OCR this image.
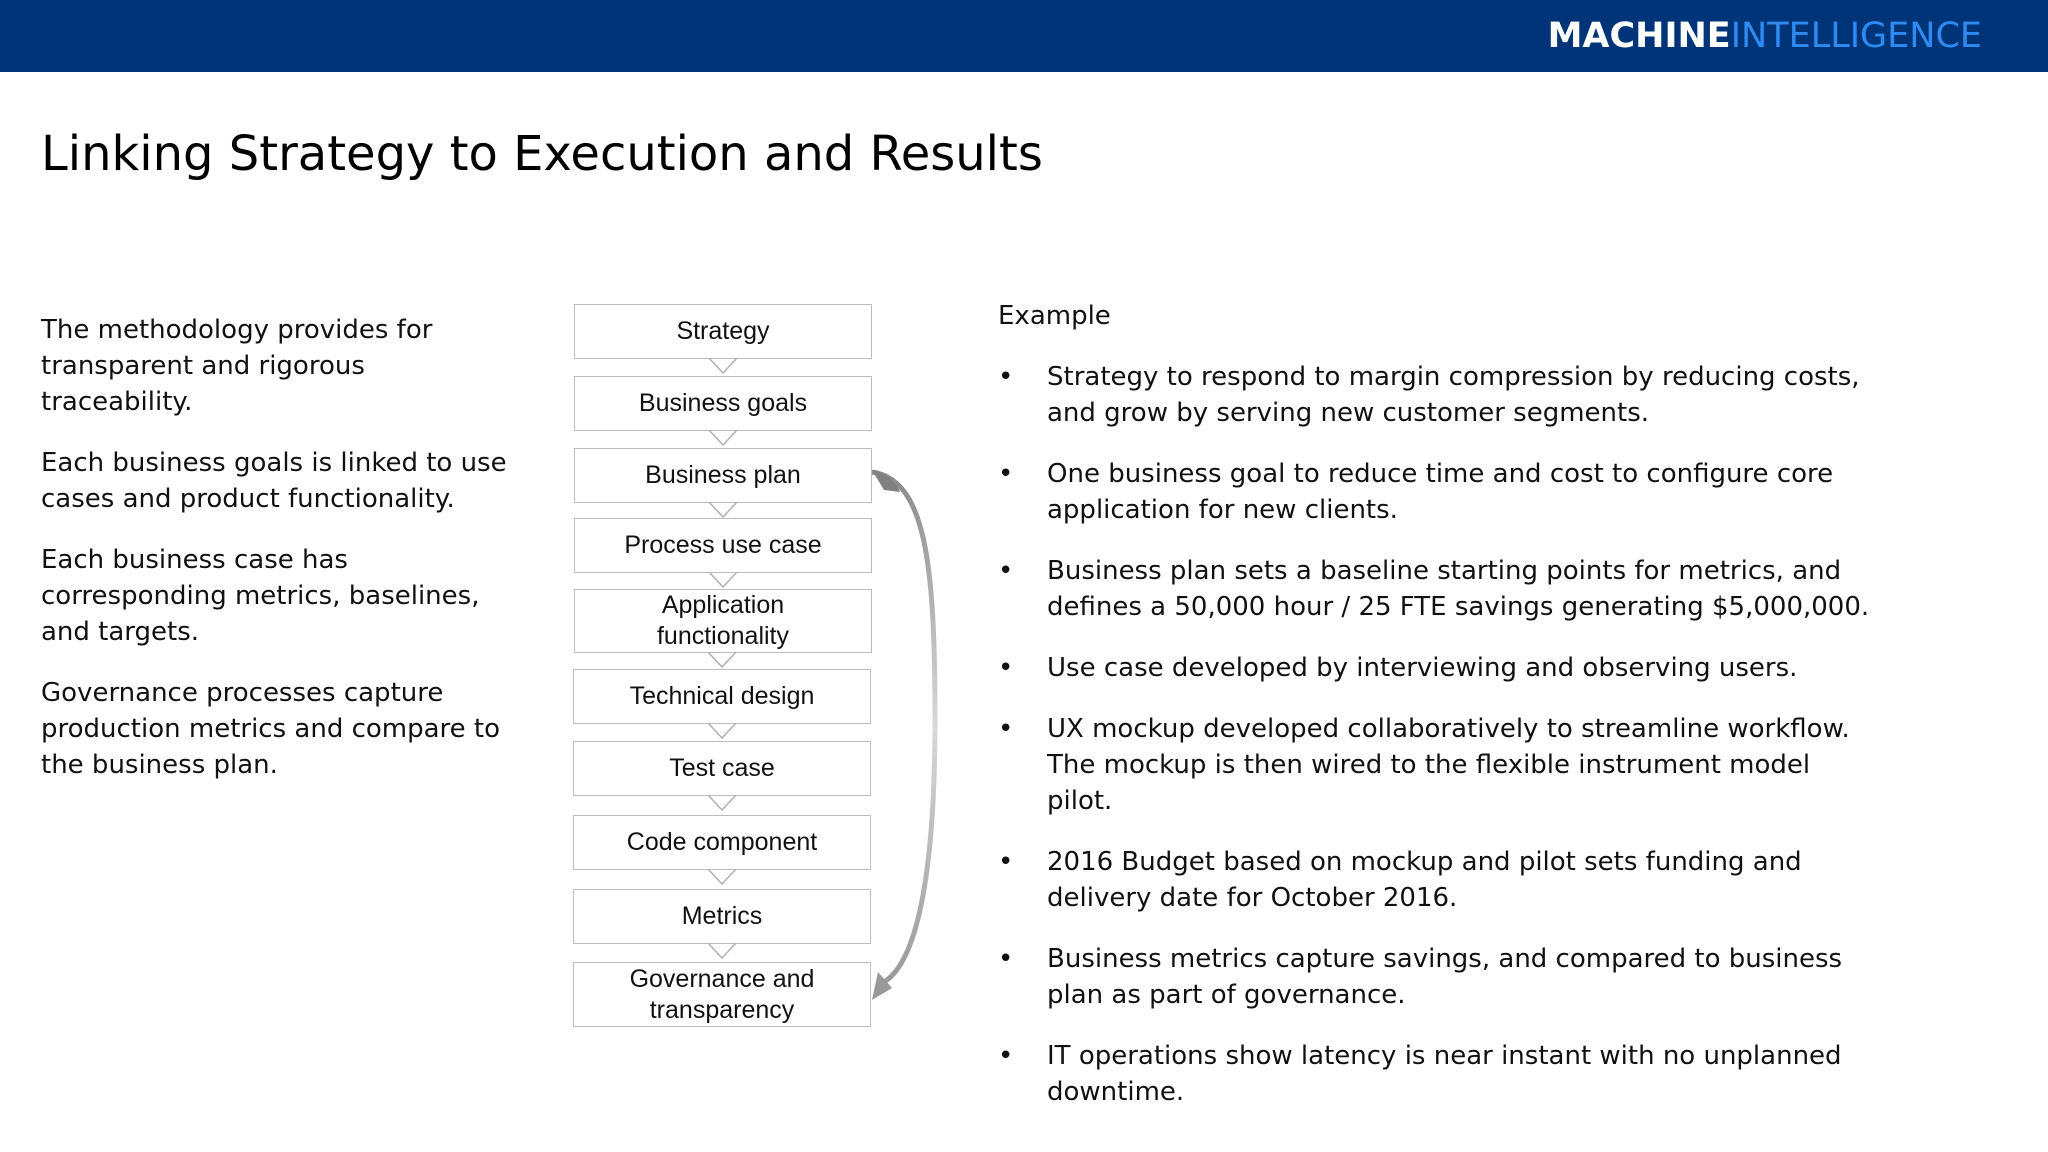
MACHINEINTELLIGENCE
Linking Strategy to Execution and Results

The methodology provides for transparent and rigorous traceability.

Each business goals is linked to use cases and product functionality.

Each business case has corresponding metrics, baselines, and targets.

Governance processes capture production metrics and compare to the business plan.

Strategy
Business goals
Business plan
Process use case
Application functionality
Technical design
Test case
Code component
Metrics
Governance and transparency
Example
• Strategy to respond to margin compression by reducing costs, and grow by serving new customer segments.
• One business goal to reduce time and cost to configure core application for new clients.
• Business plan sets a baseline starting points for metrics, and defines a 50,000 hour / 25 FTE savings generating $5,000,000.
• Use case developed by interviewing and observing users.
• UX mockup developed collaboratively to streamline workflow. The mockup is then wired to the flexible instrument model pilot.
• 2016 Budget based on mockup and pilot sets funding and delivery date for October 2016.
• Business metrics capture savings, and compared to business plan as part of governance.
• IT operations show latency is near instant with no unplanned downtime.
